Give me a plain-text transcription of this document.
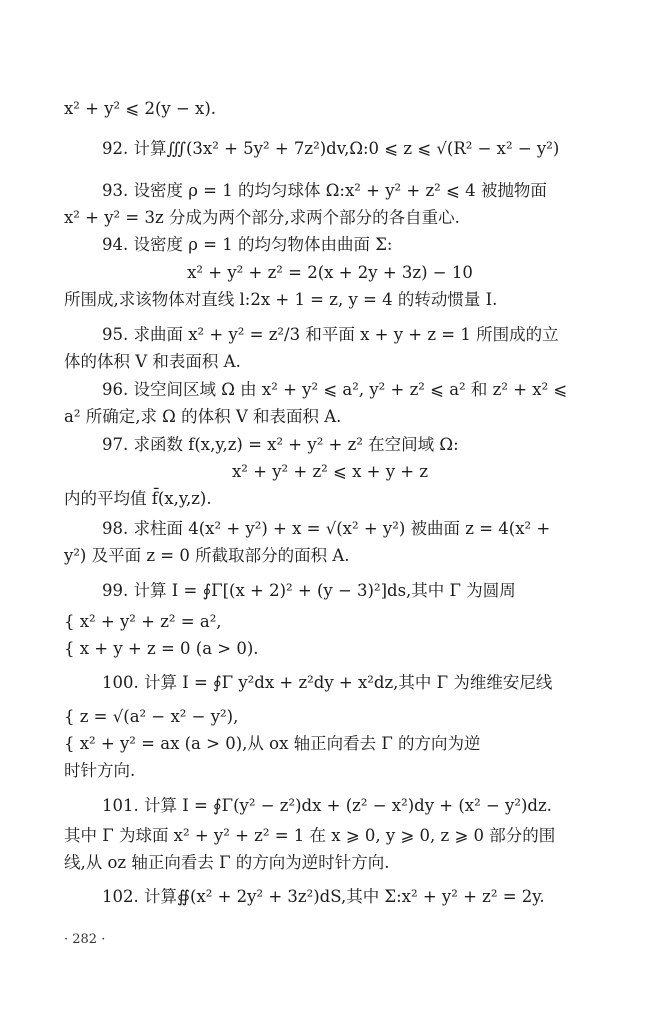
x² + y² ⩽ 2(y − x).
92. 计算∭(3x² + 5y² + 7z²)dv,Ω:0 ⩽ z ⩽ √(R² − x² − y²)
93. 设密度 ρ = 1 的均匀球体 Ω:x² + y² + z² ⩽ 4 被抛物面
x² + y² = 3z 分成为两个部分,求两个部分的各自重心.
94. 设密度 ρ = 1 的均匀物体由曲面 Σ:
x² + y² + z² = 2(x + 2y + 3z) − 10
所围成,求该物体对直线 l:2x + 1 = z, y = 4 的转动惯量 I.
95. 求曲面 x² + y² = z²/3 和平面 x + y + z = 1 所围成的立
体的体积 V 和表面积 A.
96. 设空间区域 Ω 由 x² + y² ⩽ a², y² + z² ⩽ a² 和 z² + x² ⩽
a² 所确定,求 Ω 的体积 V 和表面积 A.
97. 求函数 f(x,y,z) = x² + y² + z² 在空间域 Ω:
x² + y² + z² ⩽ x + y + z
内的平均值 f̄(x,y,z).
98. 求柱面 4(x² + y²) + x = √(x² + y²) 被曲面 z = 4(x² +
y²) 及平面 z = 0 所截取部分的面积 A.
99. 计算 I = ∮Γ[(x + 2)² + (y − 3)²]ds,其中 Γ 为圆周
{ x² + y² + z² = a²,
{ x + y + z = 0 (a > 0).
100. 计算 I = ∮Γ y²dx + z²dy + x²dz,其中 Γ 为维维安尼线
{ z = √(a² − x² − y²),
{ x² + y² = ax (a > 0),从 ox 轴正向看去 Γ 的方向为逆
时针方向.
101. 计算 I = ∮Γ(y² − z²)dx + (z² − x²)dy + (x² − y²)dz.
其中 Γ 为球面 x² + y² + z² = 1 在 x ⩾ 0, y ⩾ 0, z ⩾ 0 部分的围
线,从 oz 轴正向看去 Γ 的方向为逆时针方向.
102. 计算∯(x² + 2y² + 3z²)dS,其中 Σ:x² + y² + z² = 2y.
· 282 ·
